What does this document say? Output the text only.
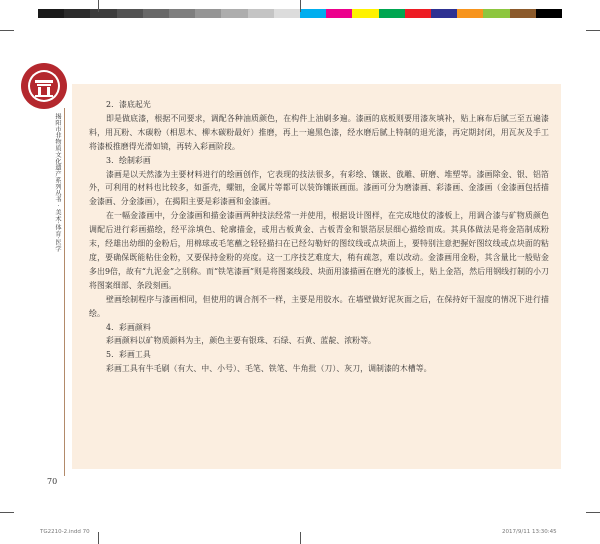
揭阳市非物质文化遗产系列丛书 · 美术·体育·医学
70

2．漆底起光

即是做底漆，根据不同要求，调配各种油质颜色，在构件上油刷多遍。漆画的底板则要用漆灰填补，贴上麻布后腻三至五遍漆料，用瓦粉、木碳粉（相思木、柳木碳粉最好）推磨，再上一遍黑色漆，经水磨后腻上特制的退光漆，再定期封闭，用瓦灰及手工将漆板推磨得光滑如镜，再转入彩画阶段。

3．绘制彩画

漆画是以天然漆为主要材料进行的绘画创作，它表现的技法很多，有彩绘、镶嵌、戗雕、研磨、堆塑等。漆画除金、银、铝箔外，可利用的材料也比较多，如蛋壳，螺钿，金属片等都可以装饰镶嵌画面。漆画可分为磨漆画、彩漆画、金漆画（金漆画包括描金漆画、分金漆画），在揭阳主要是彩漆画和金漆画。

在一幅金漆画中，分金漆画和描金漆画两种技法经常一并使用，根据设计图样，在完成地仗的漆板上，用调合漆与矿物质颜色调配后进行彩画描绘，经平涂填色、轮廓描金，或用古板黄金、古板青金和银箔层层细心描绘而成。其具体做法是将金箔制成粉末，经雄出幼细的金粉后，用棉球或毛笔蘸之轻轻描扫在已经勾勒好的图纹线或点块面上，要特别注意把握好图纹线或点块面的粘度，要确保既能粘住金粉，又要保持金粉的亮度。这一工序技艺难度大，稍有疏忽，难以改动。金漆画用金粉，其含量比一般贴金多出9倍，故有“九泥金”之别称。而“铁笔漆画”则是将图案线段、块面用漆描画在磨光的漆板上，贴上金箔，然后用钢线打制的小刀将图案细部、条段刻画。

壁画绘制程序与漆画相同，但使用的调合剂不一样，主要是用胶水。在墙壁做好泥灰面之后，在保持好干湿度的情况下进行描绘。

4．彩画颜料

彩画颜料以矿物质颜料为主，颜色主要有银珠、石绿、石黄、蓝靛、浓粉等。

5．彩画工具

彩画工具有牛毛刷（有大、中、小号）、毛笔、铁笔、牛角批（刀）、灰刀，调制漆的木槽等。

TG2210-2.indd 70	2017/9/11 13:30:45
